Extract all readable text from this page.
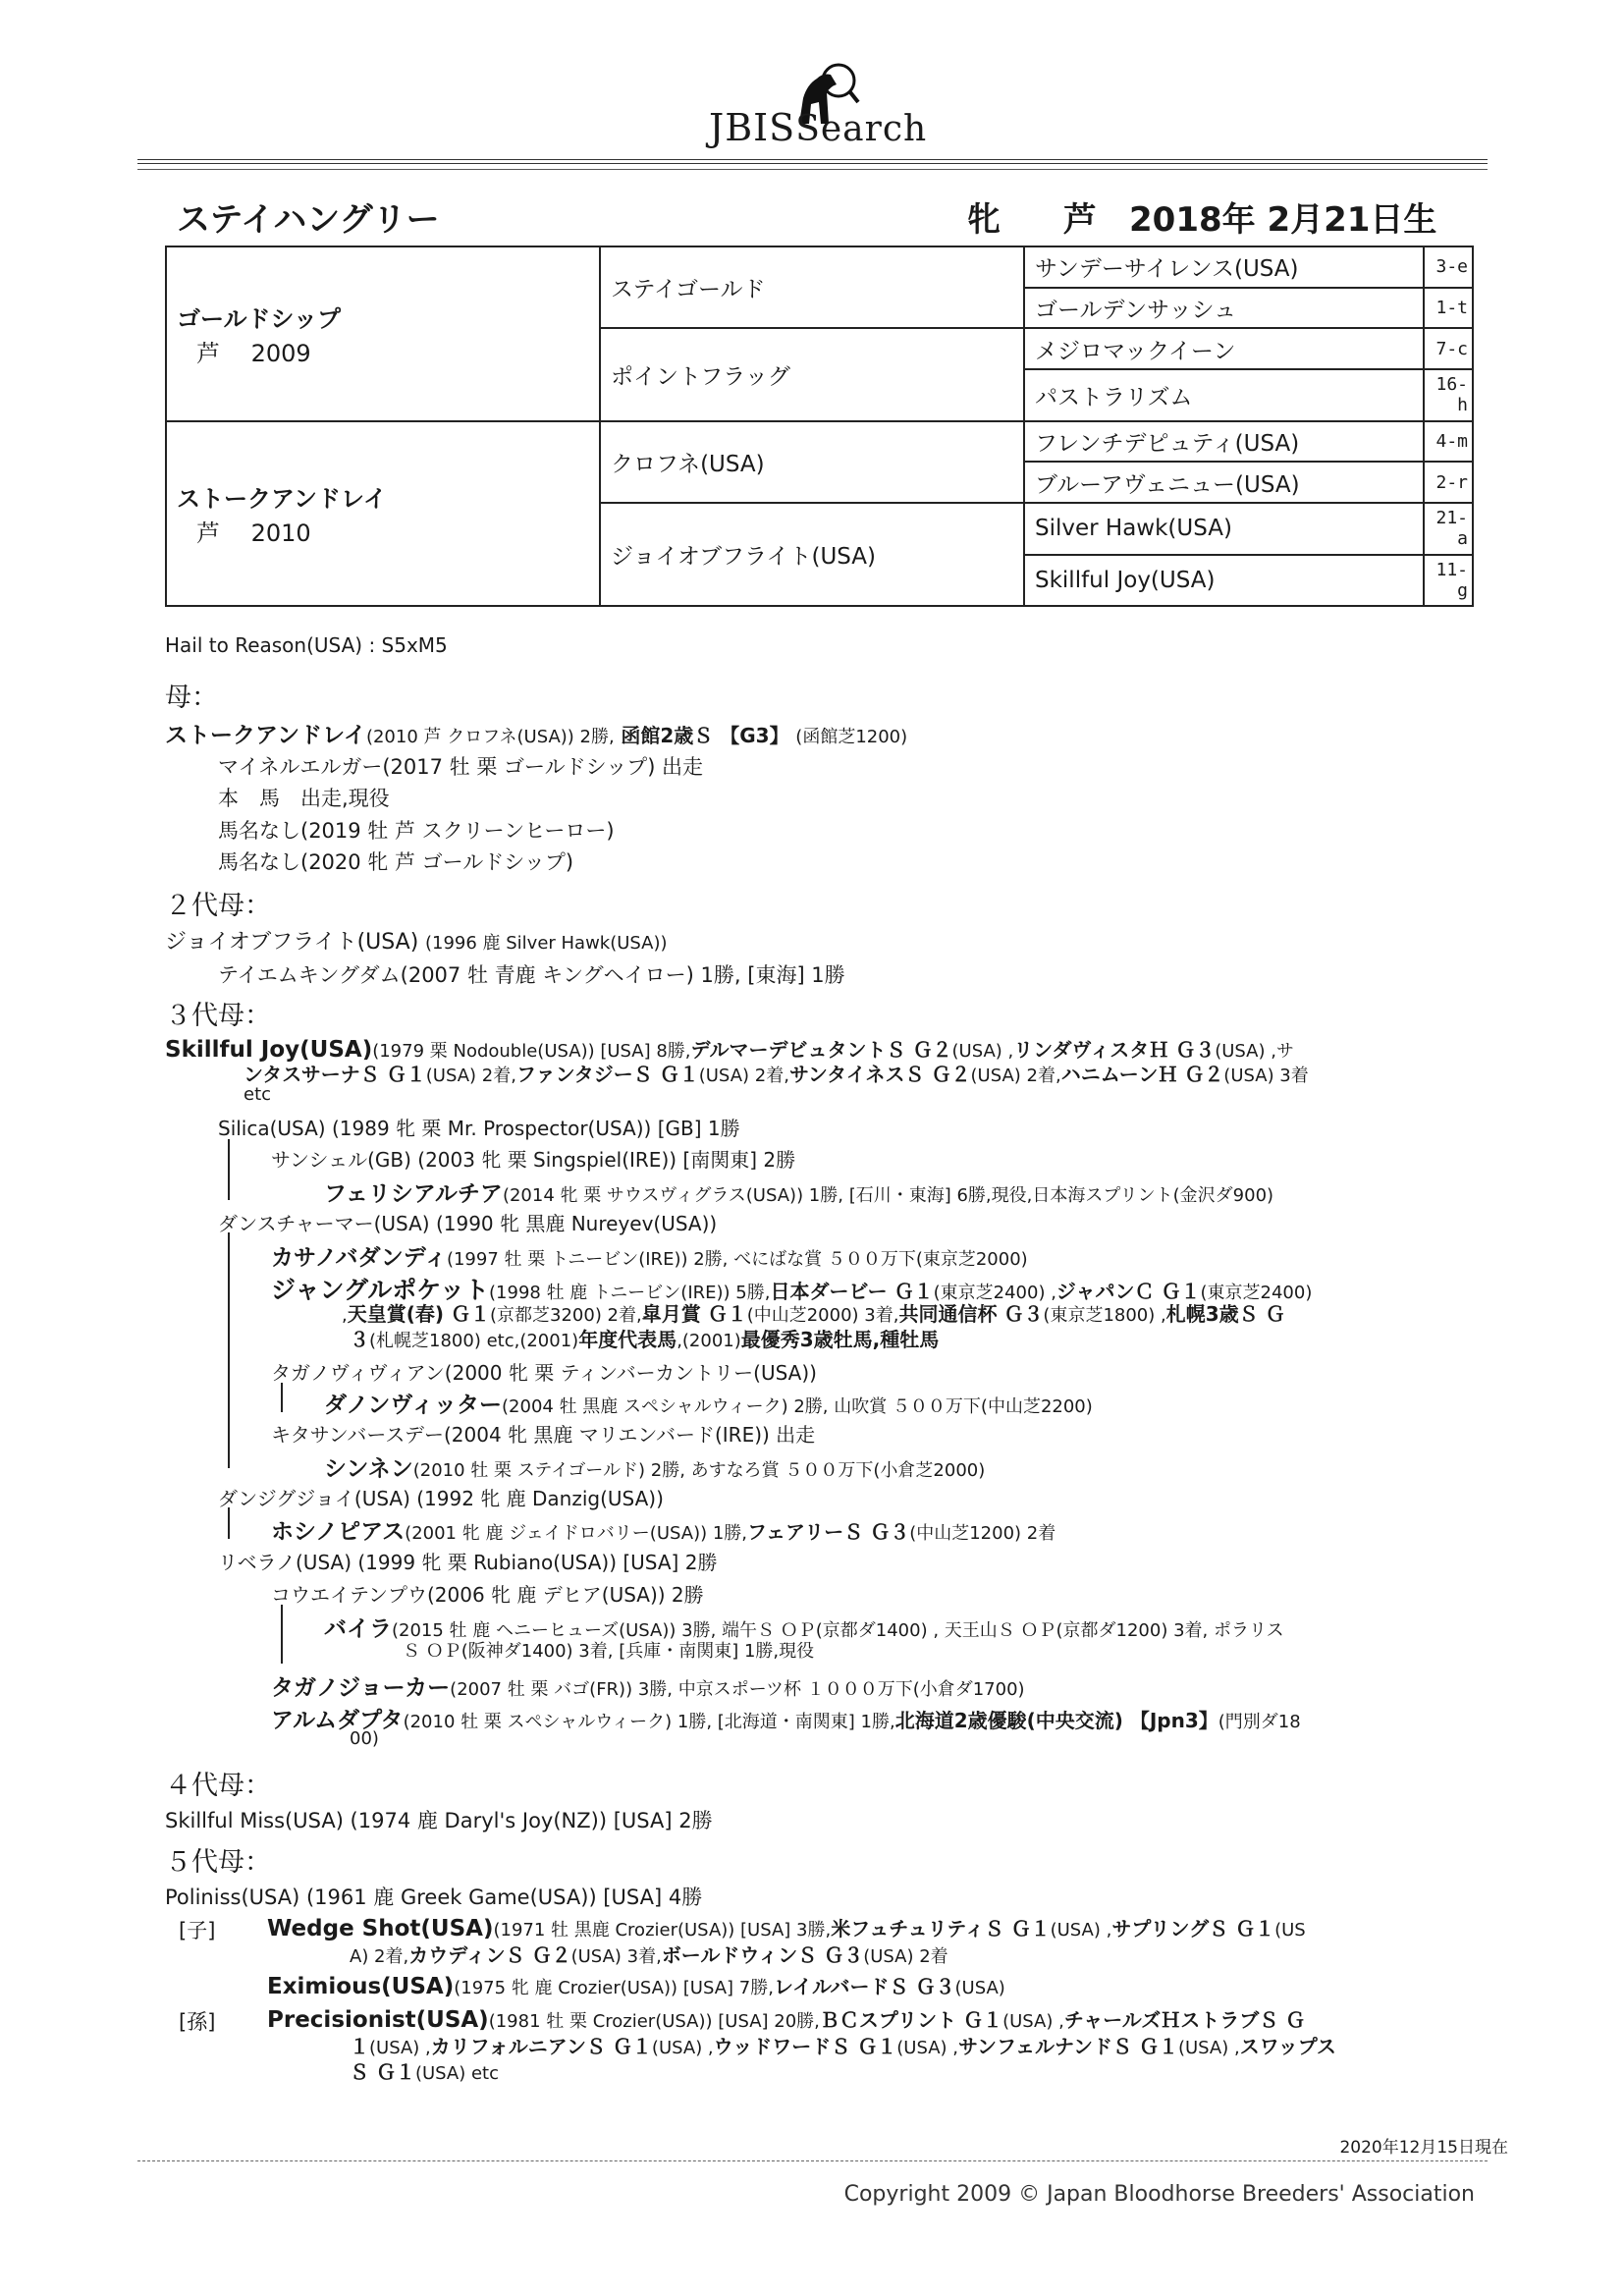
JBISSearch
ステイハングリー	牝 芦 2018年 2月21日生
ゴールドシップ
芦　 2009	ステイゴールド	サンデーサイレンス(USA)	3-e
		ゴールデンサッシュ	1-t
	ポイントフラッグ	メジロマックイーン	7-c
		パストラリズム	16-h

ストークアンドレイ
芦　 2010	クロフネ(USA)	フレンチデピュティ(USA)	4-m
		ブルーアヴェニュー(USA)	2-r
	ジョイオブフライト(USA)	Silver Hawk(USA)	21-a
		Skillful Joy(USA)	11-g
Hail to Reason(USA) : S5xM5
母：
ストークアンドレイ(2010 芦 クロフネ(USA)) 2勝, 函館2歳Ｓ 【G3】 (函館芝1200)
マイネルエルガー(2017 牡 栗 ゴールドシップ) 出走
本　馬　出走,現役
馬名なし(2019 牡 芦 スクリーンヒーロー)
馬名なし(2020 牝 芦 ゴールドシップ)
２代母：
ジョイオブフライト(USA) (1996 鹿 Silver Hawk(USA))
テイエムキングダム(2007 牡 青鹿 キングヘイロー) 1勝, [東海] 1勝
３代母：
Skillful Joy(USA)(1979 栗 Nodouble(USA)) [USA] 8勝,デルマーデビュタントＳ Ｇ２(USA) ,リンダヴィスタＨ Ｇ３(USA) ,サ
ンタスサーナＳ Ｇ１(USA) 2着,ファンタジーＳ Ｇ１(USA) 2着,サンタイネスＳ Ｇ２(USA) 2着,ハニムーンＨ Ｇ２(USA) 3着
etc
Silica(USA) (1989 牝 栗 Mr. Prospector(USA)) [GB] 1勝
サンシェル(GB) (2003 牝 栗 Singspiel(IRE)) [南関東] 2勝
フェリシアルチア(2014 牝 栗 サウスヴィグラス(USA)) 1勝, [石川・東海] 6勝,現役,日本海スプリント(金沢ダ900)
ダンスチャーマー(USA) (1990 牝 黒鹿 Nureyev(USA))
カサノバダンディ(1997 牡 栗 トニービン(IRE)) 2勝, べにばな賞 ５００万下(東京芝2000)
ジャングルポケット(1998 牡 鹿 トニービン(IRE)) 5勝,日本ダービー Ｇ１(東京芝2400) ,ジャパンＣ Ｇ１(東京芝2400)
,天皇賞(春) Ｇ１(京都芝3200) 2着,皐月賞 Ｇ１(中山芝2000) 3着,共同通信杯 Ｇ３(東京芝1800) ,札幌3歳Ｓ Ｇ
３(札幌芝1800) etc,(2001)年度代表馬,(2001)最優秀3歳牡馬,種牡馬
タガノヴィヴィアン(2000 牝 栗 ティンバーカントリー(USA))
ダノンヴィッター(2004 牡 黒鹿 スペシャルウィーク) 2勝, 山吹賞 ５００万下(中山芝2200)
キタサンバースデー(2004 牝 黒鹿 マリエンバード(IRE)) 出走
シンネン(2010 牡 栗 ステイゴールド) 2勝, あすなろ賞 ５００万下(小倉芝2000)
ダンジグジョイ(USA) (1992 牝 鹿 Danzig(USA))
ホシノピアス(2001 牝 鹿 ジェイドロバリー(USA)) 1勝,フェアリーＳ Ｇ３(中山芝1200) 2着
リベラノ(USA) (1999 牝 栗 Rubiano(USA)) [USA] 2勝
コウエイテンプウ(2006 牝 鹿 デヒア(USA)) 2勝
バイラ(2015 牡 鹿 ヘニーヒューズ(USA)) 3勝, 端午Ｓ ＯＰ(京都ダ1400) , 天王山Ｓ ＯＰ(京都ダ1200) 3着, ポラリス
Ｓ ＯＰ(阪神ダ1400) 3着, [兵庫・南関東] 1勝,現役
タガノジョーカー(2007 牡 栗 バゴ(FR)) 3勝, 中京スポーツ杯 １０００万下(小倉ダ1700)
アルムダプタ(2010 牡 栗 スペシャルウィーク) 1勝, [北海道・南関東] 1勝,北海道2歳優駿(中央交流) 【Jpn3】(門別ダ18
00)
４代母：
Skillful Miss(USA) (1974 鹿 Daryl's Joy(NZ)) [USA] 2勝
５代母：
Poliniss(USA) (1961 鹿 Greek Game(USA)) [USA] 4勝
[子] Wedge Shot(USA)(1971 牡 黒鹿 Crozier(USA)) [USA] 3勝,米フュチュリティＳ Ｇ１(USA) ,サプリングＳ Ｇ１(US
A) 2着,カウディンＳ Ｇ２(USA) 3着,ボールドウィンＳ Ｇ３(USA) 2着
Eximious(USA)(1975 牝 鹿 Crozier(USA)) [USA] 7勝,レイルバードＳ Ｇ３(USA)
[孫] Precisionist(USA)(1981 牡 栗 Crozier(USA)) [USA] 20勝,ＢＣスプリント Ｇ１(USA) ,チャールズＨストラブＳ Ｇ
１(USA) ,カリフォルニアンＳ Ｇ１(USA) ,ウッドワードＳ Ｇ１(USA) ,サンフェルナンドＳ Ｇ１(USA) ,スワップス
Ｓ Ｇ１(USA) etc
2020年12月15日現在
Copyright 2009 © Japan Bloodhorse Breeders' Association
